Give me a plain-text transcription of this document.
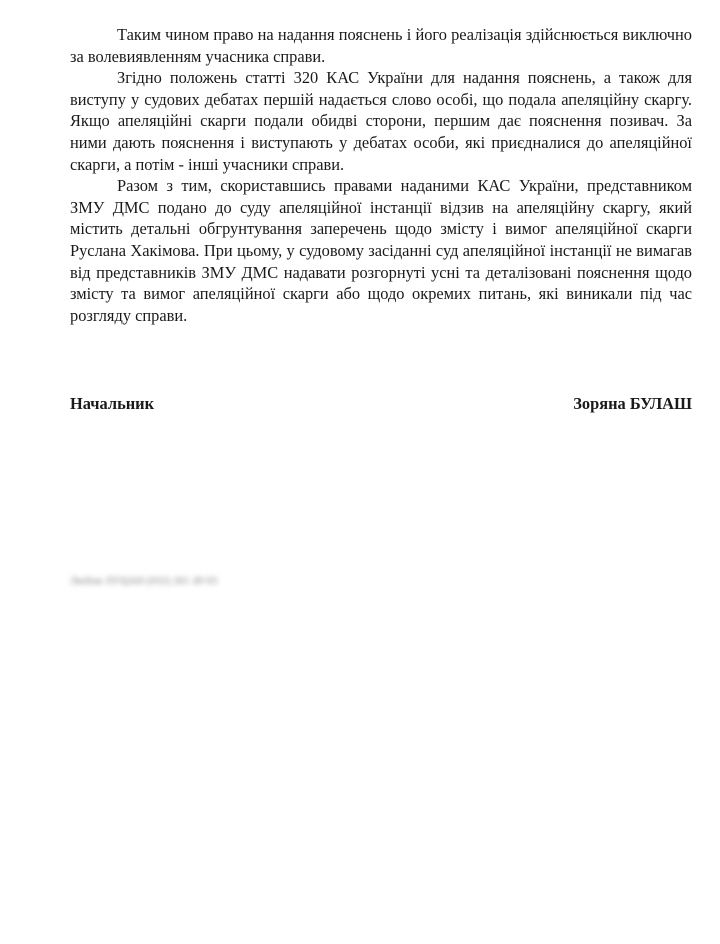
Таким чином право на надання пояснень і його реалізація здійснюється виключно за волевиявленням учасника справи.

Згідно положень статті 320 КАС України для надання пояснень, а також для виступу у судових дебатах першій надається слово особі, що подала апеляційну скаргу. Якщо апеляційні скарги подали обидві сторони, першим дає пояснення позивач. За ними дають пояснення і виступають у дебатах особи, які приєдналися до апеляційної скарги, а потім - інші учасники справи.

Разом з тим, скориставшись правами наданими КАС України, представником ЗМУ ДМС подано до суду апеляційної інстанції відзив на апеляційну скаргу, який містить детальні обгрунтування заперечень щодо змісту і вимог апеляційної скарги Руслана Хакімова. При цьому, у судовому засіданні суд апеляційної інстанції не вимагав від представників ЗМУ ДМС надавати розгорнуті усні та деталізовані пояснення щодо змісту та вимог апеляційної скарги або щодо окремих питань, які виникали під час розгляду справи.

Начальник	Зоряна БУЛАШ
Любов ЛУЦАН (032) 261 49 03
